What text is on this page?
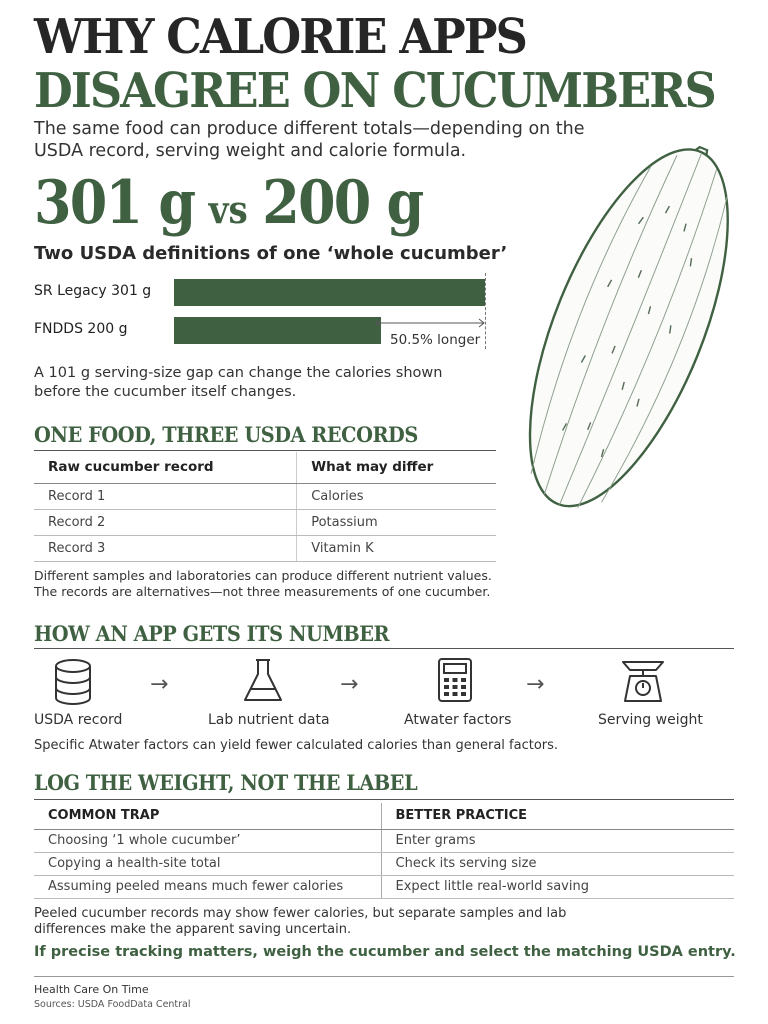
WHY CALORIE APPS
DISAGREE ON CUCUMBERS
The same food can produce different totals—depending on the USDA record, serving weight and calorie formula.
301 g vs 200 g
Two USDA definitions of one ‘whole cucumber’
SR Legacy 301 g
FNDDS 200 g
50.5% longer
A 101 g serving-size gap can change the calories shown before the cucumber itself changes.
ONE FOOD, THREE USDA RECORDS
Raw cucumber record	What may differ
Record 1	Calories
Record 2	Potassium
Record 3	Vitamin K
Different samples and laboratories can produce different nutrient values. The records are alternatives—not three measurements of one cucumber.
HOW AN APP GETS ITS NUMBER
USDA record
→
Lab nutrient data
→
Atwater factors
→
Serving weight
Specific Atwater factors can yield fewer calculated calories than general factors.
LOG THE WEIGHT, NOT THE LABEL
COMMON TRAP	BETTER PRACTICE
Choosing ‘1 whole cucumber’	Enter grams
Copying a health-site total	Check its serving size
Assuming peeled means much fewer calories	Expect little real-world saving
Peeled cucumber records may show fewer calories, but separate samples and lab differences make the apparent saving uncertain.
If precise tracking matters, weigh the cucumber and select the matching USDA entry.
Health Care On Time
Sources: USDA FoodData Central
